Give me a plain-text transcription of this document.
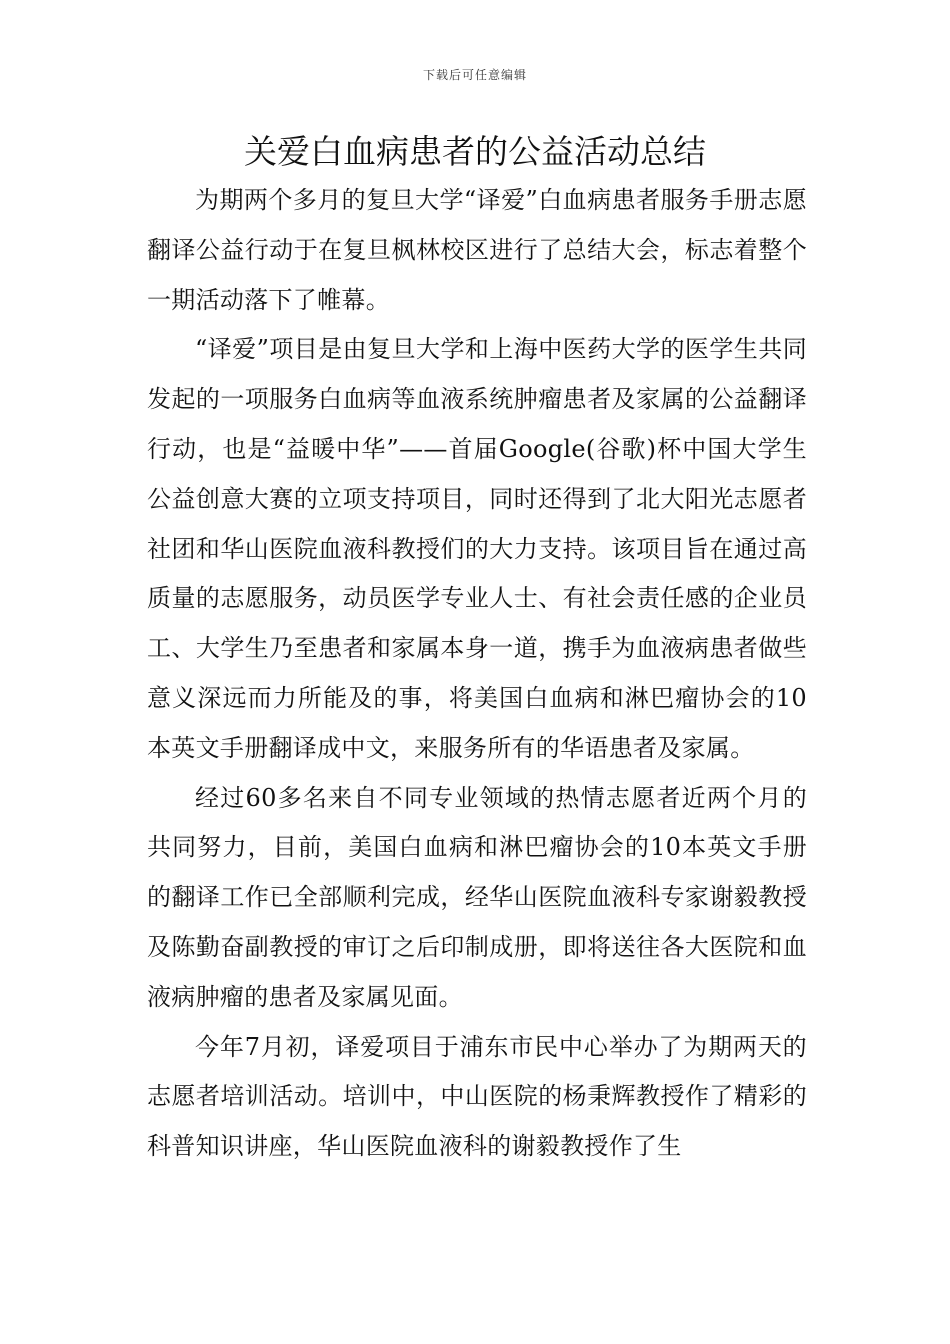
下载后可任意编辑
关爱白血病患者的公益活动总结

为期两个多月的复旦大学“译爱”白血病患者服务手册志愿翻译公益行动于在复旦枫林校区进行了总结大会，标志着整个一期活动落下了帷幕。

“译爱”项目是由复旦大学和上海中医药大学的医学生共同发起的一项服务白血病等血液系统肿瘤患者及家属的公益翻译行动，也是“益暖中华”——首届Google(谷歌)杯中国大学生公益创意大赛的立项支持项目，同时还得到了北大阳光志愿者社团和华山医院血液科教授们的大力支持。该项目旨在通过高质量的志愿服务，动员医学专业人士、有社会责任感的企业员工、大学生乃至患者和家属本身一道，携手为血液病患者做些意义深远而力所能及的事，将美国白血病和淋巴瘤协会的10本英文手册翻译成中文，来服务所有的华语患者及家属。

经过60多名来自不同专业领域的热情志愿者近两个月的共同努力，目前，美国白血病和淋巴瘤协会的10本英文手册的翻译工作已全部顺利完成，经华山医院血液科专家谢毅教授及陈勤奋副教授的审订之后印制成册，即将送往各大医院和血液病肿瘤的患者及家属见面。

今年7月初，译爱项目于浦东市民中心举办了为期两天的志愿者培训活动。培训中，中山医院的杨秉辉教授作了精彩的科普知识讲座，华山医院血液科的谢毅教授作了生
